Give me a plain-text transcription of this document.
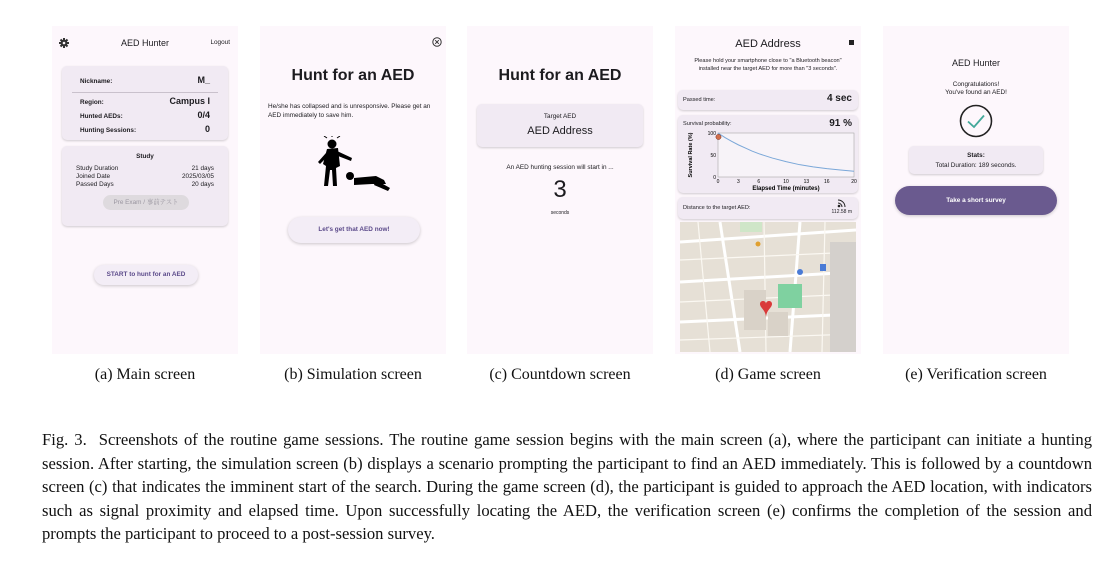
AED Hunter	Logout
Nickname:	M_
Region:	Campus I
Hunted AEDs:	0/4
Hunting Sessions:	0
Study
Study Duration	21 days
Joined Date	2025/03/05
Passed Days	20 days
Pre Exam / 事前テスト
START to hunt for an AED
(a) Main screen
Hunt for an AED
He/she has collapsed and is unresponsive. Please get an AED immediately to save him.
Let's get that AED now!
(b) Simulation screen
Hunt for an AED
Target AED
AED Address
An AED hunting session will start in ...
3
seconds
(c) Countdown screen
AED Address
Please hold your smartphone close to "a Bluetooth beacon" installed near the target AED for more than "3 seconds".
Passed time:	4 sec
Survival probability:	91 %
0
50
100
0	3	6	10	13	16	20
Elapsed Time (minutes)
Survival Rate (%)
Distance to the target AED:
112.58 m
(d) Game screen
AED Hunter
Congratulations!
You've found an AED!
Stats:
Total Duration: 189 seconds.
Take a short survey
(e) Verification screen
Fig. 3. Screenshots of the routine game sessions. The routine game session begins with the main screen (a), where the participant can initiate a hunting session. After starting, the simulation screen (b) displays a scenario prompting the participant to find an AED immediately. This is followed by a countdown screen (c) that indicates the imminent start of the search. During the game screen (d), the participant is guided to approach the AED location, with indicators such as signal proximity and elapsed time. Upon successfully locating the AED, the verification screen (e) confirms the completion of the session and prompts the participant to proceed to a post-session survey.
